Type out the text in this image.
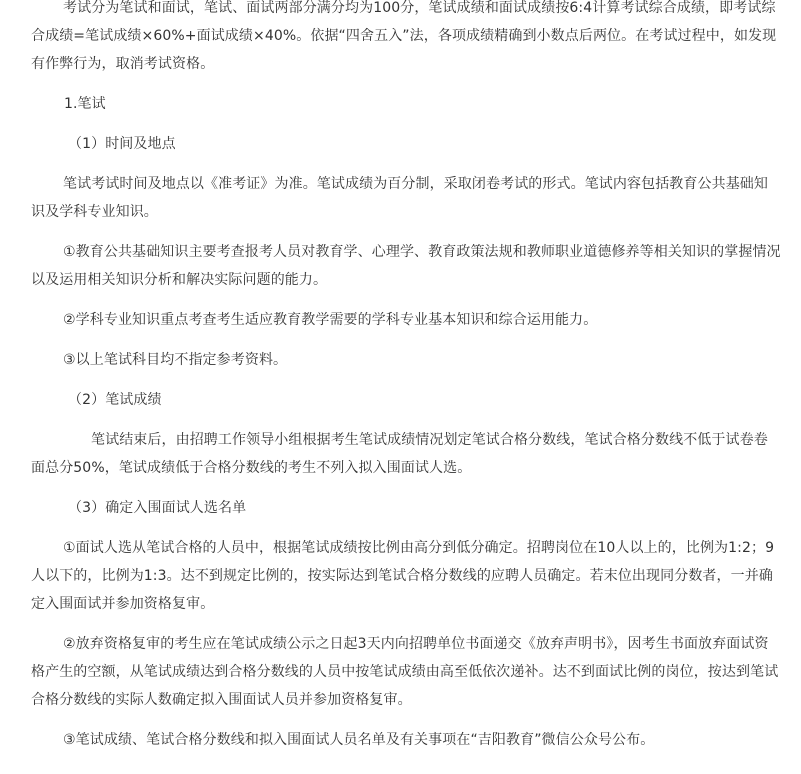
考试分为笔试和面试，笔试、面试两部分满分均为100分，笔试成绩和面试成绩按6:4计算考试综合成绩，即考试综合成绩=笔试成绩×60%+面试成绩×40%。依据“四舍五入”法，各项成绩精确到小数点后两位。在考试过程中，如发现有作弊行为，取消考试资格。

1.笔试

（1）时间及地点

笔试考试时间及地点以《准考证》为准。笔试成绩为百分制，采取闭卷考试的形式。笔试内容包括教育公共基础知识及学科专业知识。

①教育公共基础知识主要考查报考人员对教育学、心理学、教育政策法规和教师职业道德修养等相关知识的掌握情况以及运用相关知识分析和解决实际问题的能力。

②学科专业知识重点考查考生适应教育教学需要的学科专业基本知识和综合运用能力。

③以上笔试科目均不指定参考资料。

（2）笔试成绩

笔试结束后，由招聘工作领导小组根据考生笔试成绩情况划定笔试合格分数线，笔试合格分数线不低于试卷卷面总分50%，笔试成绩低于合格分数线的考生不列入拟入围面试人选。

（3）确定入围面试人选名单

①面试人选从笔试合格的人员中，根据笔试成绩按比例由高分到低分确定。招聘岗位在10人以上的，比例为1:2；9人以下的，比例为1:3。达不到规定比例的，按实际达到笔试合格分数线的应聘人员确定。若末位出现同分数者，一并确定入围面试并参加资格复审。

②放弃资格复审的考生应在笔试成绩公示之日起3天内向招聘单位书面递交《放弃声明书》，因考生书面放弃面试资格产生的空额，从笔试成绩达到合格分数线的人员中按笔试成绩由高至低依次递补。达不到面试比例的岗位，按达到笔试合格分数线的实际人数确定拟入围面试人员并参加资格复审。

③笔试成绩、笔试合格分数线和拟入围面试人员名单及有关事项在“吉阳教育”微信公众号公布。
